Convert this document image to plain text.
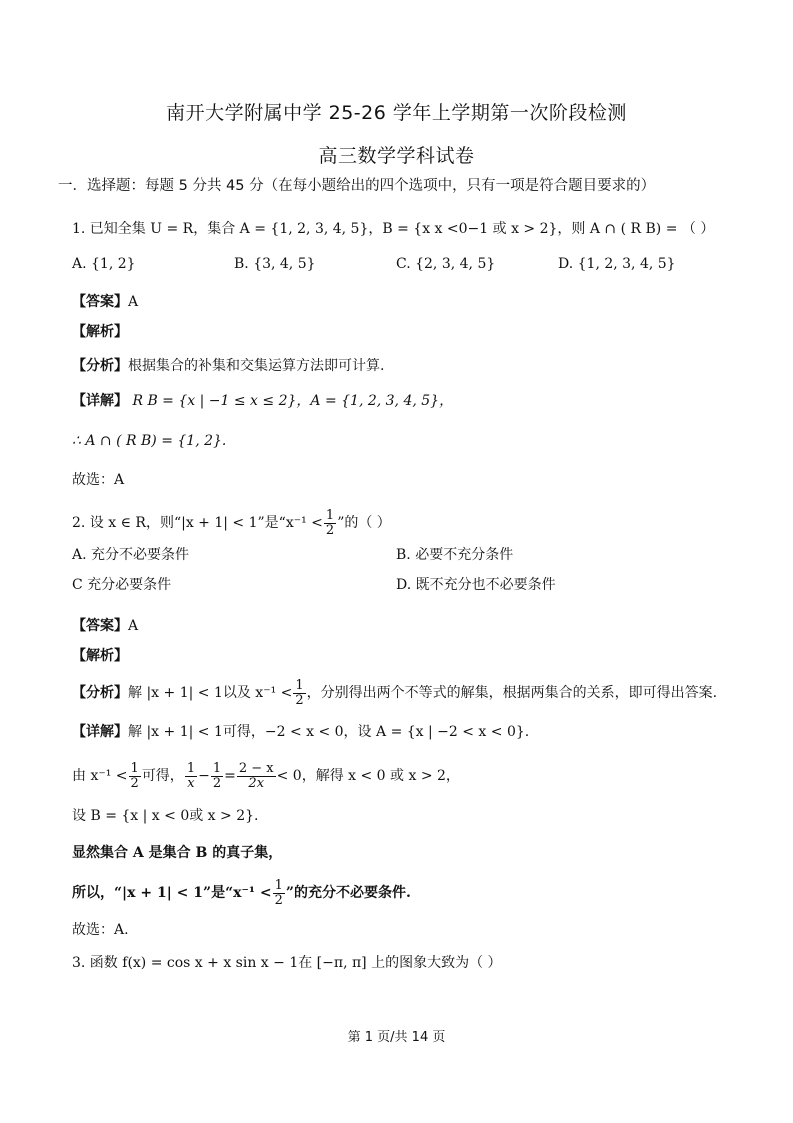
南开大学附属中学 25-26 学年上学期第一次阶段检测
高三数学学科试卷
一．选择题：每题 5 分共 45 分（在每小题给出的四个选项中，只有一项是符合题目要求的）
1. 已知全集 U = R，集合 A = {1, 2, 3, 4, 5}，B = {x x <0−1 或 x > 2}，则 A ∩ ( R B) = （ ）
A. {1, 2}	B. {3, 4, 5}	C. {2, 3, 4, 5}	D. {1, 2, 3, 4, 5}
【答案】A
【解析】
【分析】根据集合的补集和交集运算方法即可计算.
【详解】 R B = {x | −1 ≤ x ≤ 2}，A = {1, 2, 3, 4, 5}，
∴ A ∩ ( R B) = {1, 2}.
故选：A
2. 设 x ∈ R，则“|x + 1| < 1”是“$x^{-1} < \frac{1}{2}$ ”的（ ）
A. 充分不必要条件	B. 必要不充分条件
C 充分必要条件	D. 既不充分也不必要条件
【答案】A
【解析】
【分析】解 |x + 1| < 1以及 $x^{-1} < \frac{1}{2}$ ，分别得出两个不等式的解集，根据两集合的关系，即可得出答案.
【详解】解 |x + 1| < 1可得，−2 < x < 0，设 A = {x | −2 < x < 0}.
由 $x^{-1} < \frac{1}{2}$ 可得， $\frac{1}{x} - \frac{1}{2} = \frac{2 - x}{2x} < 0$，解得 x < 0 或 x > 2，
设 B = {x | x < 0或 x > 2}.
显然集合 A 是集合 B 的真子集，
所以，“|x + 1| < 1”是“$x^{-1} < \frac{1}{2}$ ”的充分不必要条件.
故选：A.
3. 函数 f(x) = cos x + x sin x − 1在 [−π, π] 上的图象大致为（ ）
第 1 页/共 14 页
